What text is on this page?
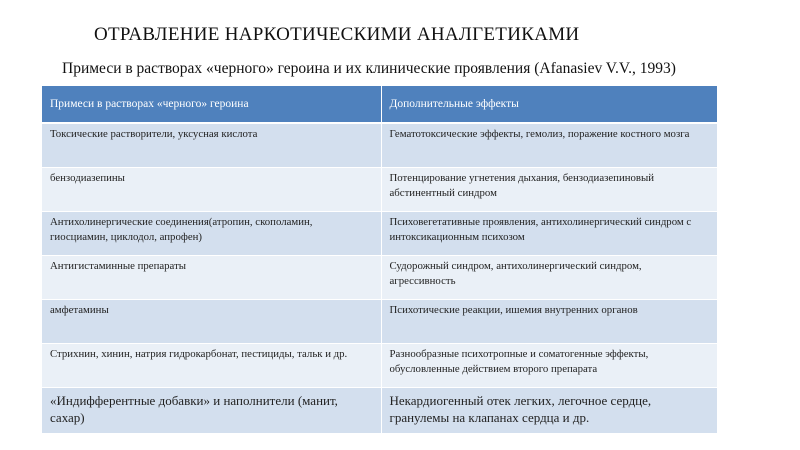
ОТРАВЛЕНИЕ НАРКОТИЧЕСКИМИ АНАЛГЕТИКАМИ
Примеси в растворах «черного» героина и их клинические проявления (Afanasiev V.V., 1993)
Примеси в растворах «черного» героина	Дополнительные эффекты

Токсические растворители, уксусная кислота	Гематотоксические эффекты, гемолиз, поражение костного мозга

бензодиазепины	Потенцирование угнетения дыхания, бензодиазепиновый абстинентный синдром

Антихолинергические соединения(атропин, скополамин, гиосциамин, циклодол, апрофен)	Психовегетативные проявления, антихолинергический синдром с интоксикационным психозом

Антигистаминные препараты	Судорожный синдром, антихолинергический синдром, агрессивность

амфетамины	Психотические реакции, ишемия внутренних органов

Стрихнин, хинин, натрия гидрокарбонат, пестициды, тальк и др.	Разнообразные психотропные и соматогенные эффекты, обусловленные действием второго препарата

«Индифферентные добавки» и наполнители (манит, сахар)	Некардиогенный отек легких, легочное сердце, гранулемы на клапанах сердца и др.
